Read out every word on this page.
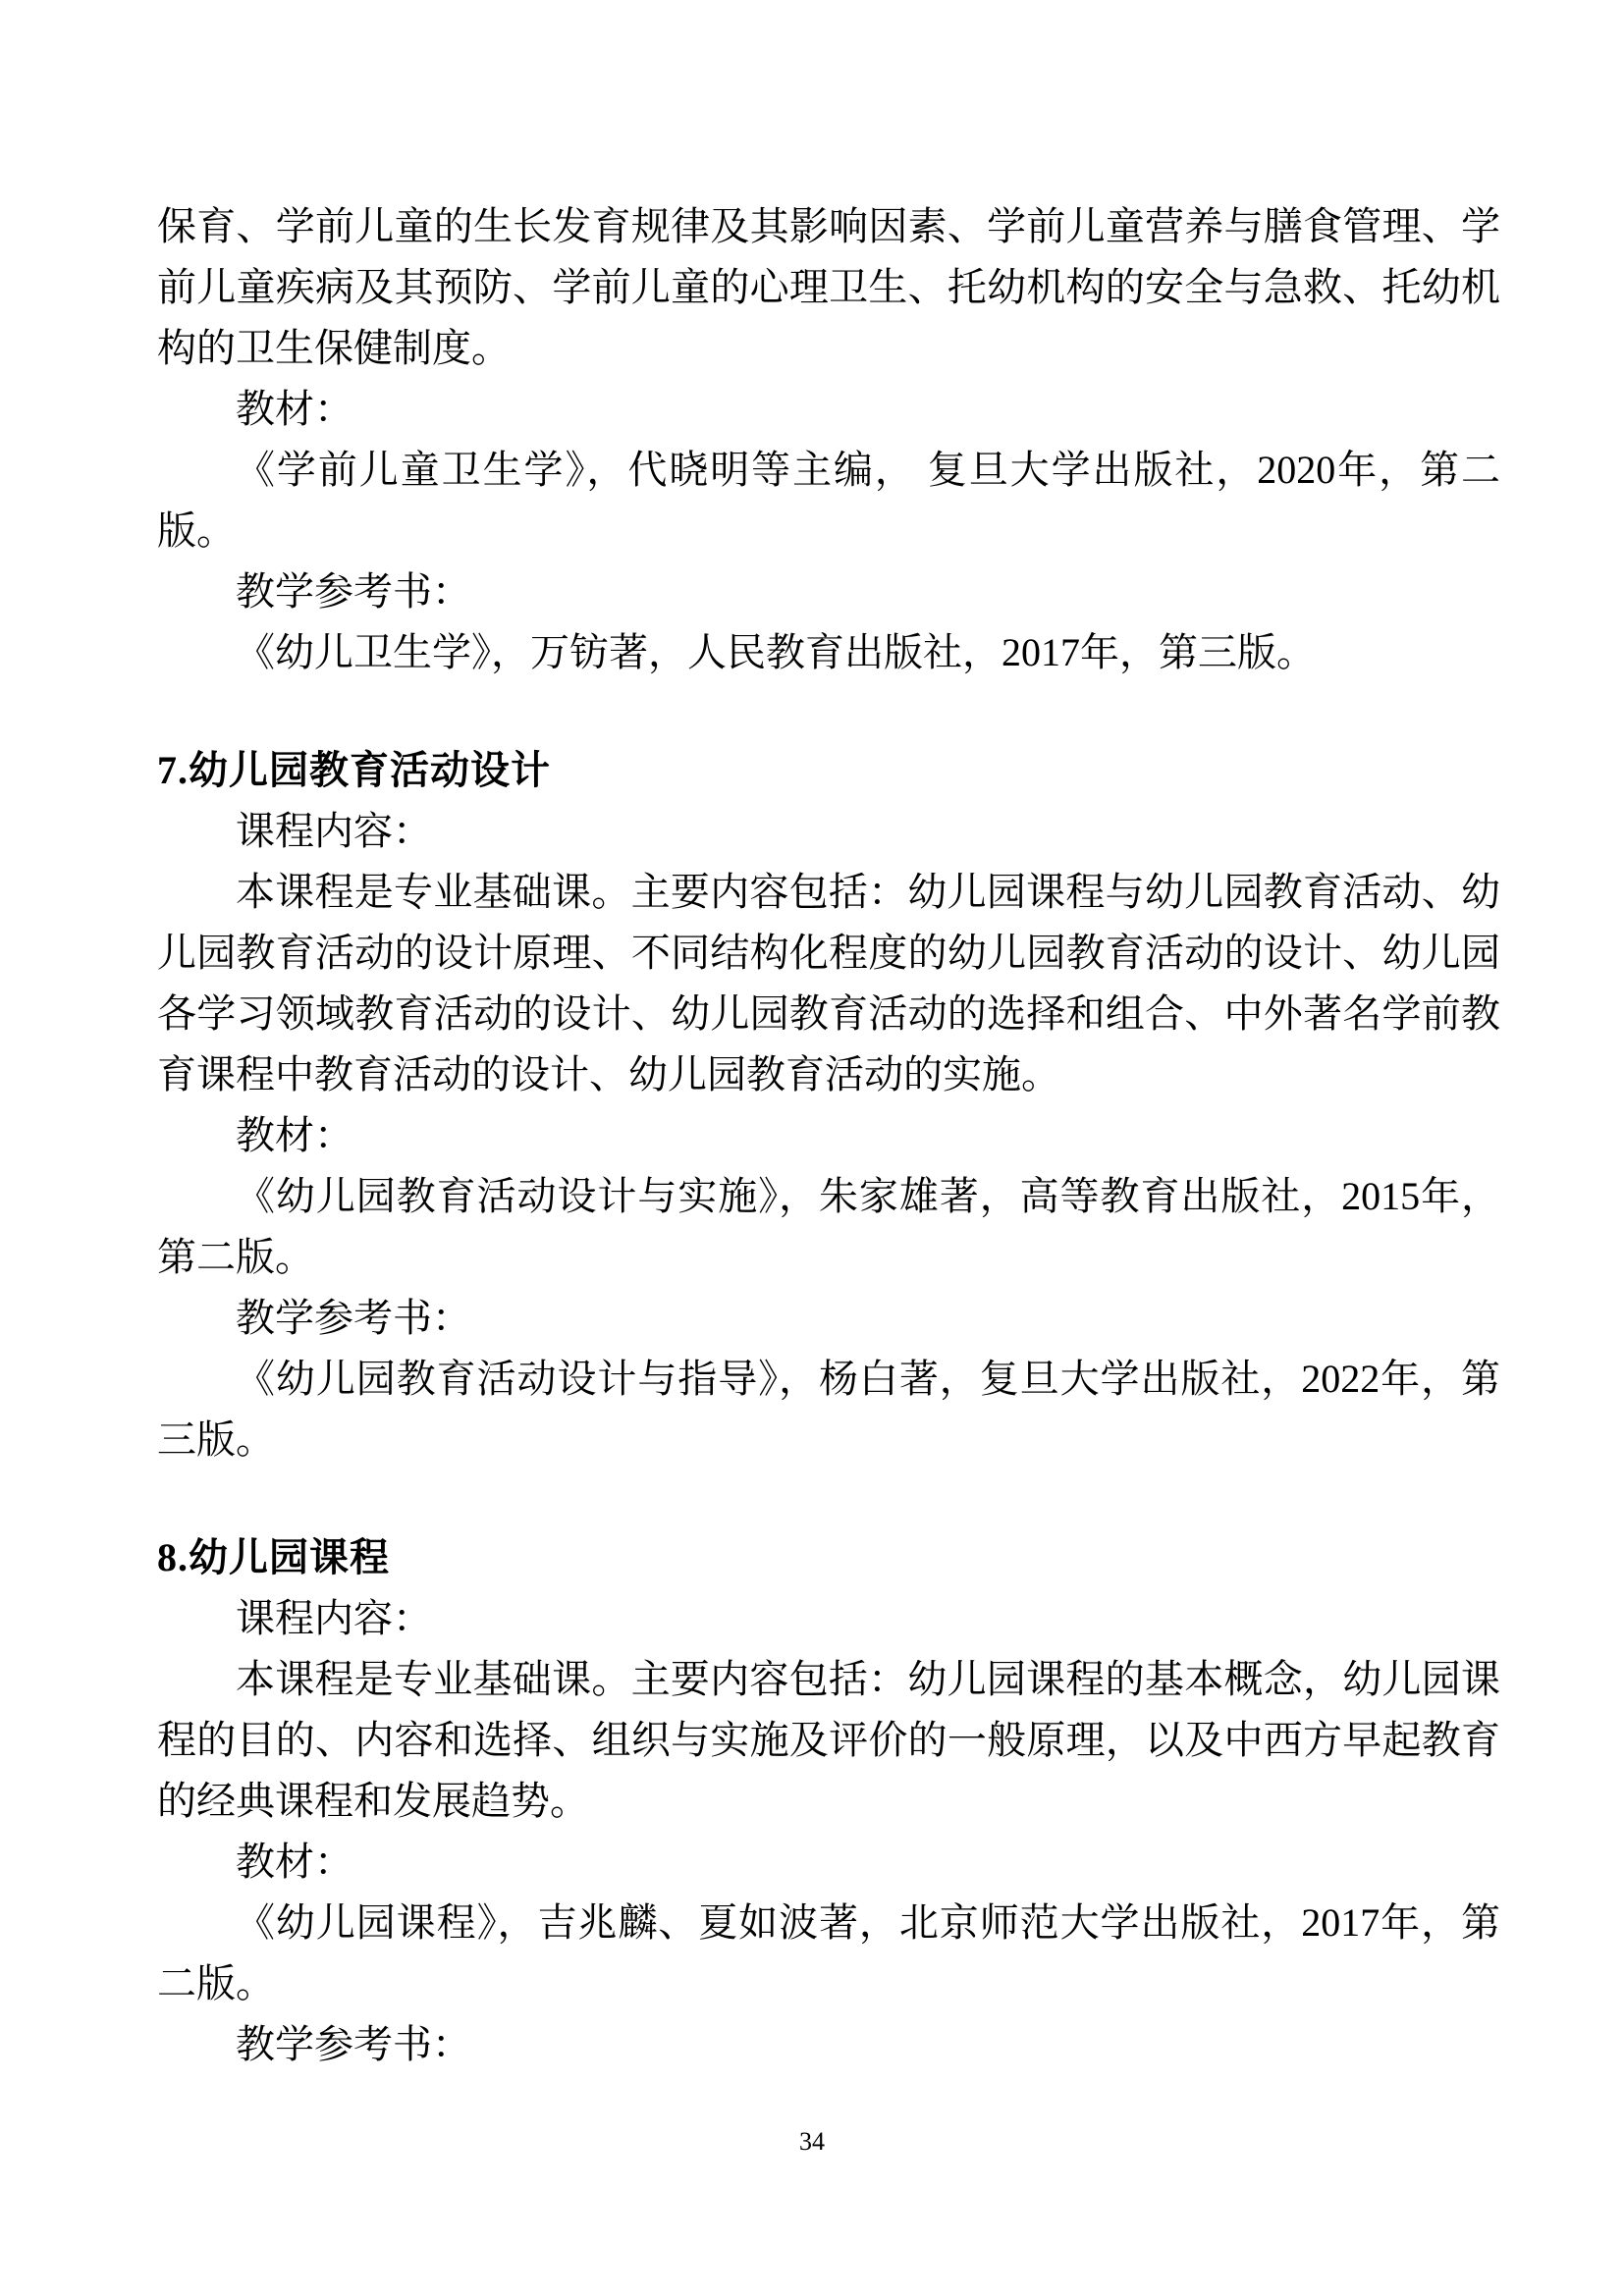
保育、学前儿童的生长发育规律及其影响因素、学前儿童营养与膳食管理、学前儿童疾病及其预防、学前儿童的心理卫生、托幼机构的安全与急救、托幼机构的卫生保健制度。

教材：

《学前儿童卫生学》，代晓明等主编， 复旦大学出版社，2020年，第二版。

教学参考书：

《幼儿卫生学》，万钫著，人民教育出版社，2017年，第三版。

7.幼儿园教育活动设计

课程内容：

本课程是专业基础课。主要内容包括：幼儿园课程与幼儿园教育活动、幼儿园教育活动的设计原理、不同结构化程度的幼儿园教育活动的设计、幼儿园各学习领域教育活动的设计、幼儿园教育活动的选择和组合、中外著名学前教育课程中教育活动的设计、幼儿园教育活动的实施。

教材：

《幼儿园教育活动设计与实施》，朱家雄著，高等教育出版社，2015年，第二版。

教学参考书：

《幼儿园教育活动设计与指导》，杨白著，复旦大学出版社，2022年，第三版。

8.幼儿园课程

课程内容：

本课程是专业基础课。主要内容包括：幼儿园课程的基本概念，幼儿园课程的目的、内容和选择、组织与实施及评价的一般原理，以及中西方早起教育的经典课程和发展趋势。

教材：

《幼儿园课程》，吉兆麟、夏如波著，北京师范大学出版社，2017年，第二版。

教学参考书：

34
